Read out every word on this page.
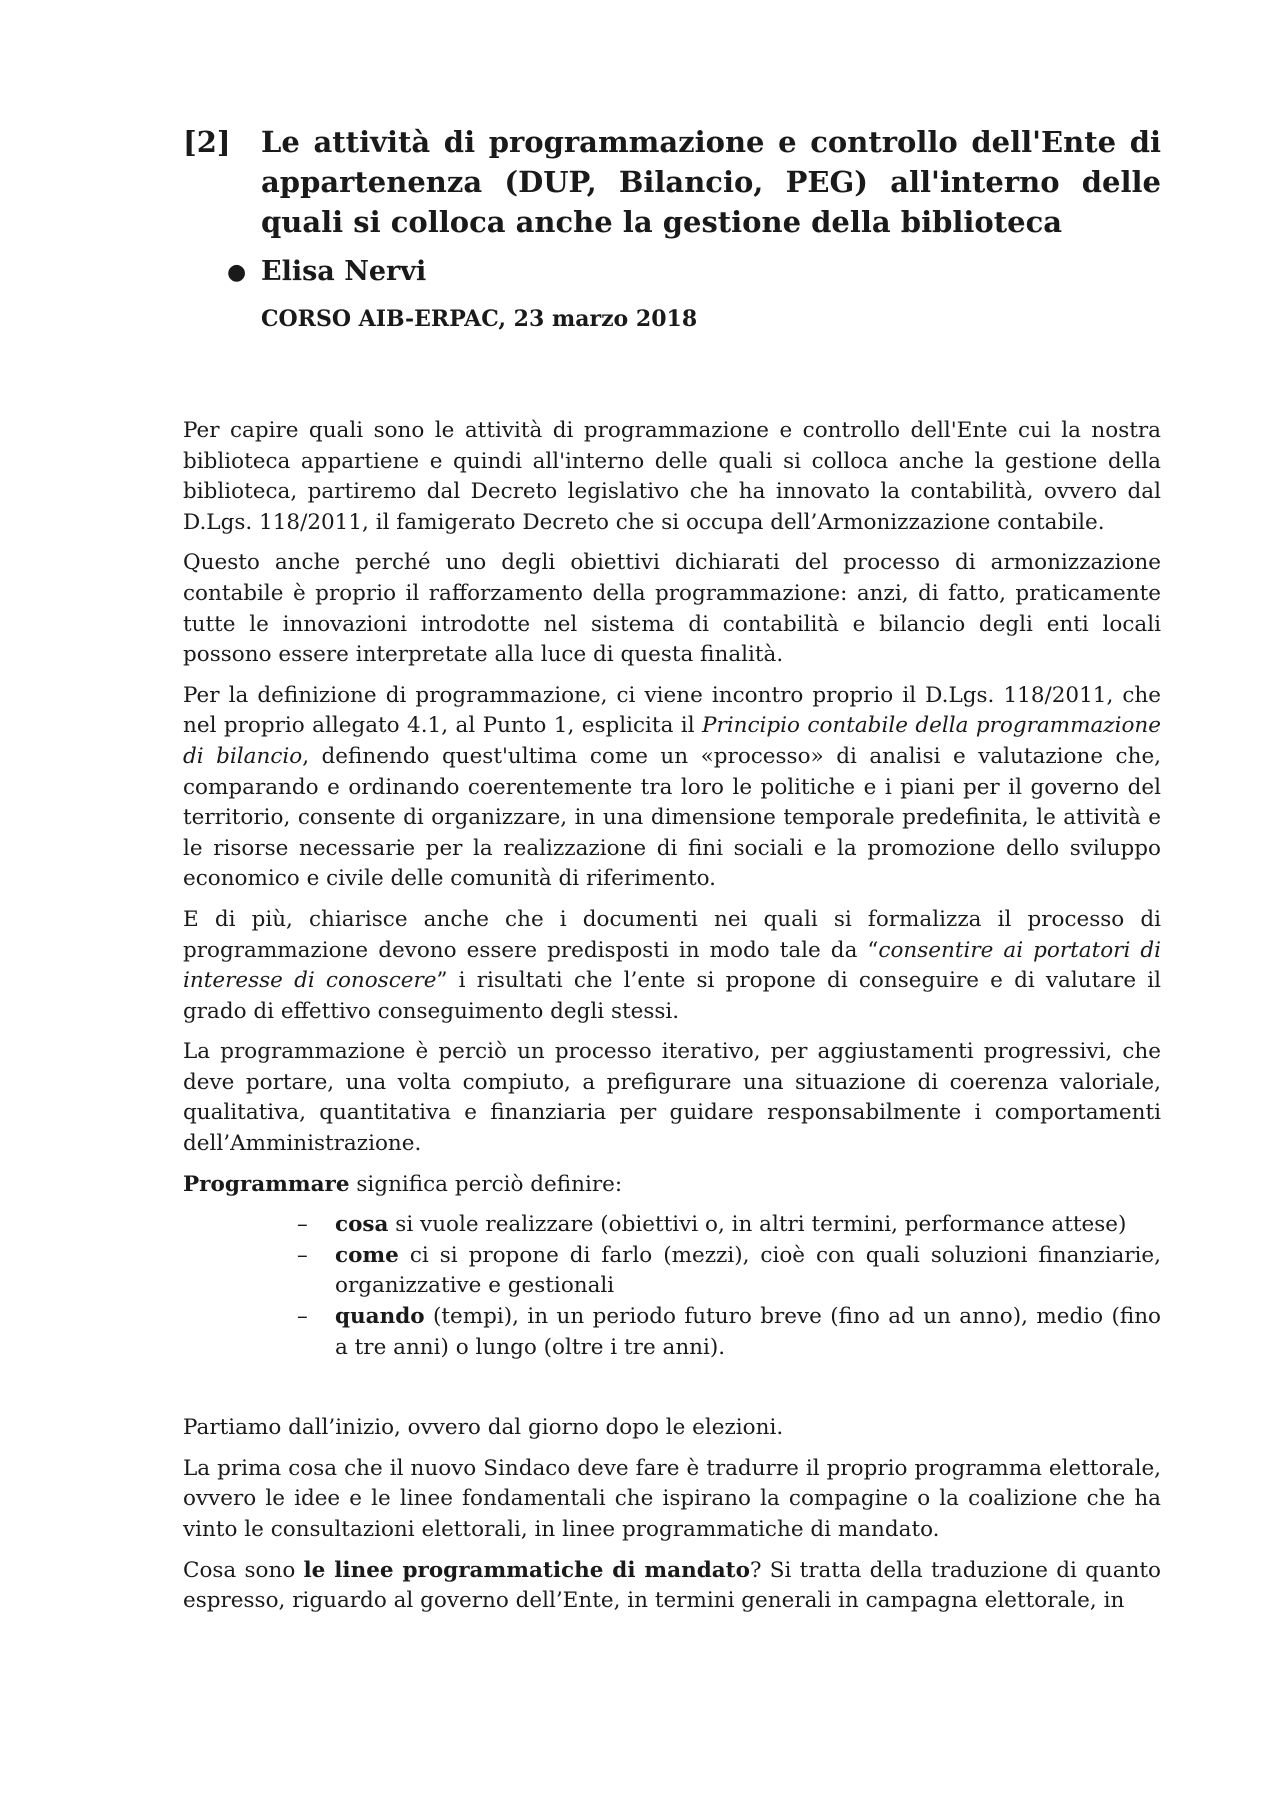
[2]	Le attività di programmazione e controllo dell'Ente di appartenenza (DUP, Bilancio, PEG) all'interno delle quali si colloca anche la gestione della biblioteca
● Elisa Nervi
CORSO AIB-ERPAC, 23 marzo 2018

Per capire quali sono le attività di programmazione e controllo dell'Ente cui la nostra biblioteca appartiene e quindi all'interno delle quali si colloca anche la gestione della biblioteca, partiremo dal Decreto legislativo che ha innovato la contabilità, ovvero dal D.Lgs. 118/2011, il famigerato Decreto che si occupa dell’Armonizzazione contabile.

Questo anche perché uno degli obiettivi dichiarati del processo di armonizzazione contabile è proprio il rafforzamento della programmazione: anzi, di fatto, praticamente tutte le innovazioni introdotte nel sistema di contabilità e bilancio degli enti locali possono essere interpretate alla luce di questa finalità.

Per la definizione di programmazione, ci viene incontro proprio il D.Lgs. 118/2011, che nel proprio allegato 4.1, al Punto 1, esplicita il Principio contabile della programmazione di bilancio, definendo quest'ultima come un «processo» di analisi e valutazione che, comparando e ordinando coerentemente tra loro le politiche e i piani per il governo del territorio, consente di organizzare, in una dimensione temporale predefinita, le attività e le risorse necessarie per la realizzazione di fini sociali e la promozione dello sviluppo economico e civile delle comunità di riferimento.

E di più, chiarisce anche che i documenti nei quali si formalizza il processo di programmazione devono essere predisposti in modo tale da “consentire ai portatori di interesse di conoscere” i risultati che l’ente si propone di conseguire e di valutare il grado di effettivo conseguimento degli stessi.

La programmazione è perciò un processo iterativo, per aggiustamenti progressivi, che deve portare, una volta compiuto, a prefigurare una situazione di coerenza valoriale, qualitativa, quantitativa e finanziaria per guidare responsabilmente i comportamenti dell’Amministrazione.

Programmare significa perciò definire:

– cosa si vuole realizzare (obiettivi o, in altri termini, performance attese)
– come ci si propone di farlo (mezzi), cioè con quali soluzioni finanziarie, organizzative e gestionali
– quando (tempi), in un periodo futuro breve (fino ad un anno), medio (fino a tre anni) o lungo (oltre i tre anni).

Partiamo dall’inizio, ovvero dal giorno dopo le elezioni.

La prima cosa che il nuovo Sindaco deve fare è tradurre il proprio programma elettorale, ovvero le idee e le linee fondamentali che ispirano la compagine o la coalizione che ha vinto le consultazioni elettorali, in linee programmatiche di mandato.

Cosa sono le linee programmatiche di mandato? Si tratta della traduzione di quanto espresso, riguardo al governo dell’Ente, in termini generali in campagna elettorale, in
